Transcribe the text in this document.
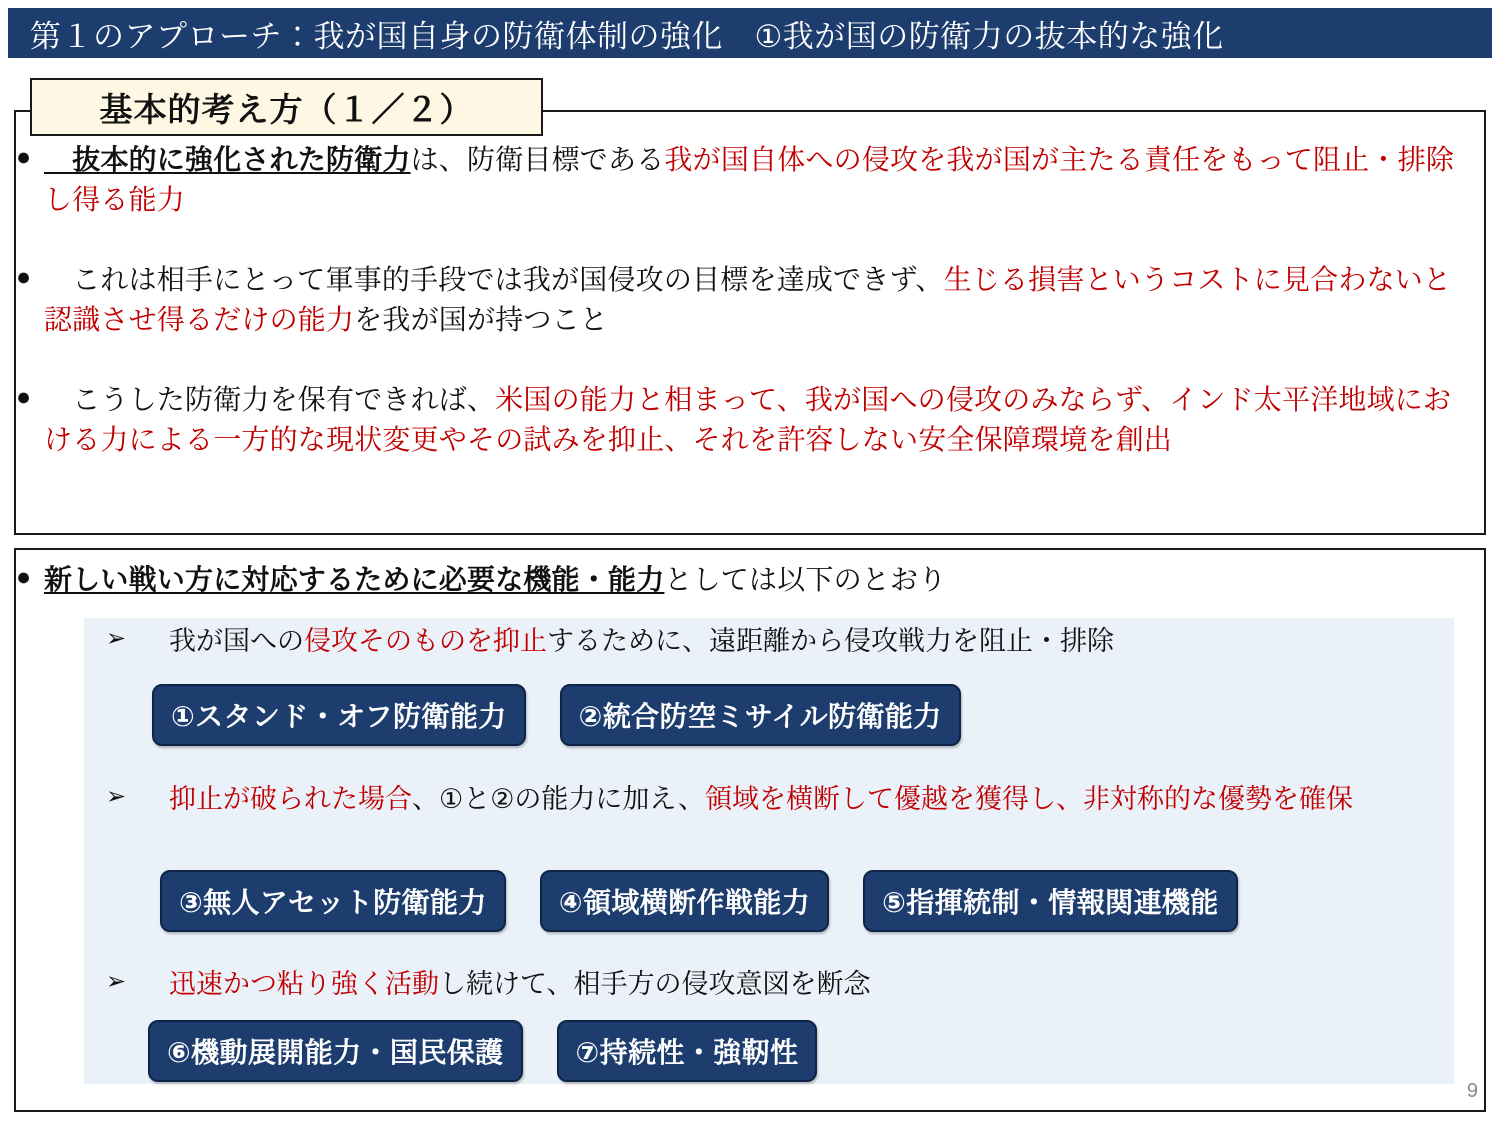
第１のアプローチ：我が国自身の防衛体制の強化　①我が国の防衛力の抜本的な強化
基本的考え方（１／２）
● 　抜本的に強化された防衛力は、防衛目標である我が国自体への侵攻を我が国が主たる責任をもって阻止・排除し得る能力
● 　これは相手にとって軍事的手段では我が国侵攻の目標を達成できず、生じる損害というコストに見合わないと認識させ得るだけの能力を我が国が持つこと
● 　こうした防衛力を保有できれば、米国の能力と相まって、我が国への侵攻のみならず、インド太平洋地域における力による一方的な現状変更やその試みを抑止、それを許容しない安全保障環境を創出
● 新しい戦い方に対応するために必要な機能・能力としては以下のとおり
➢ 　我が国への侵攻そのものを抑止するために、遠距離から侵攻戦力を阻止・排除
①スタンド・オフ防衛能力	②統合防空ミサイル防衛能力
➢ 　抑止が破られた場合、①と②の能力に加え、領域を横断して優越を獲得し、非対称的な優勢を確保
③無人アセット防衛能力	④領域横断作戦能力	⑤指揮統制・情報関連機能
➢ 　迅速かつ粘り強く活動し続けて、相手方の侵攻意図を断念
⑥機動展開能力・国民保護	⑦持続性・強靭性
9
